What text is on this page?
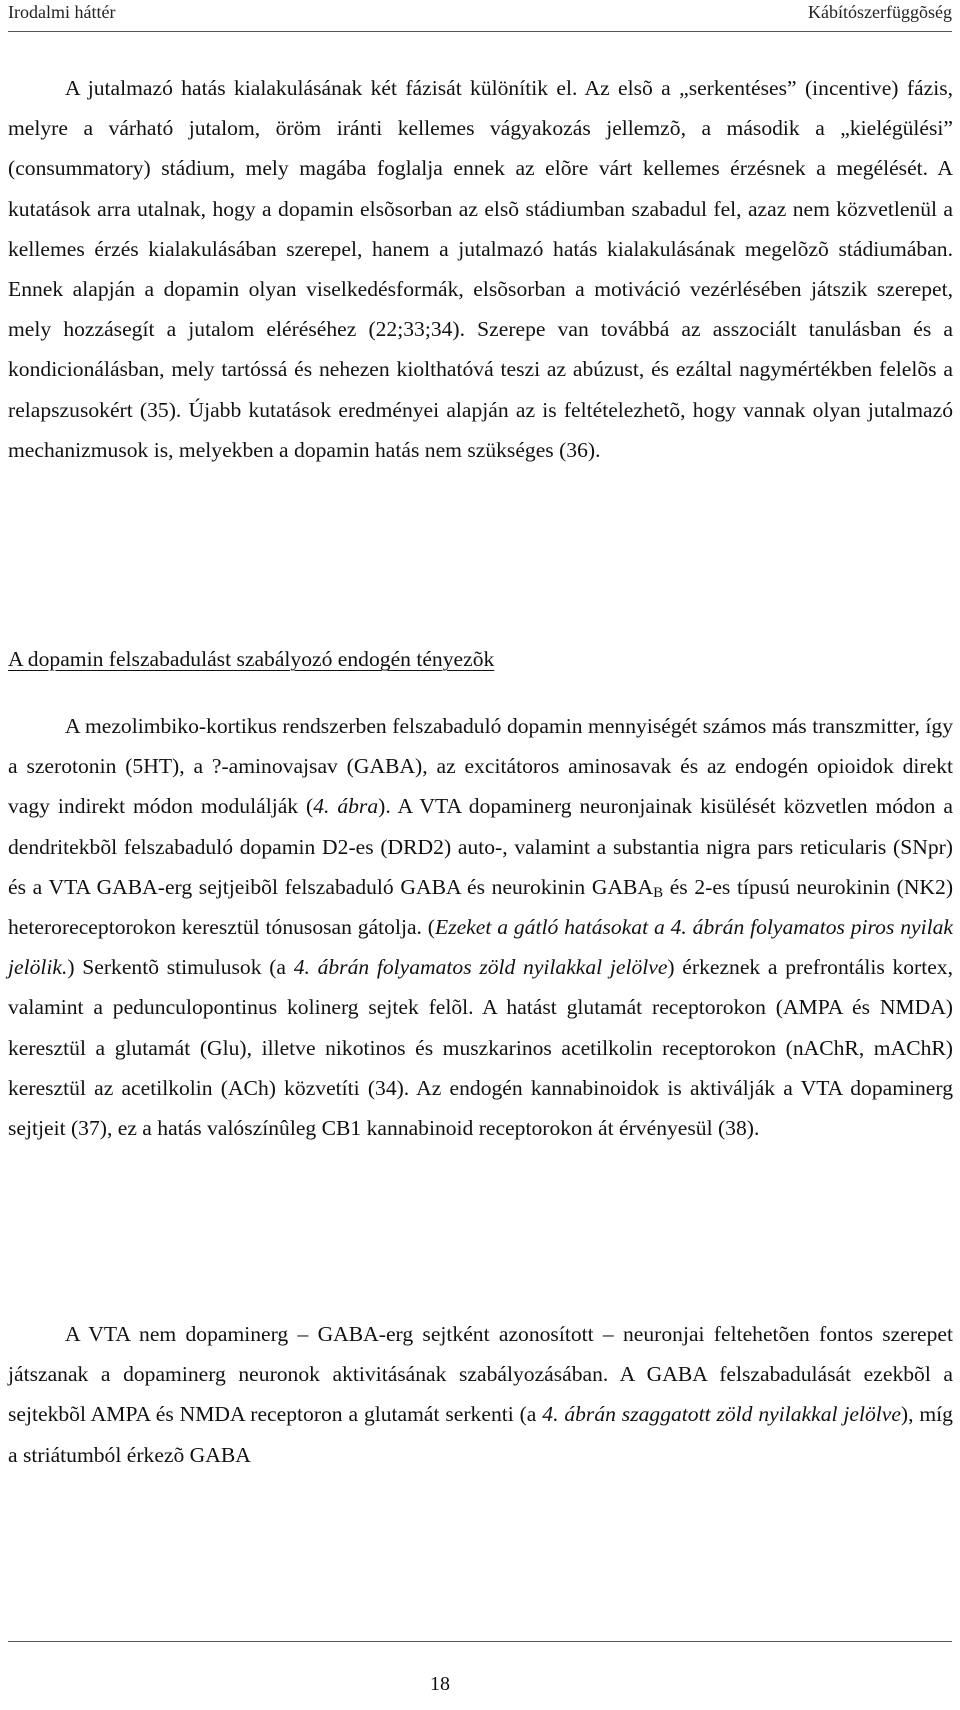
Irodalmi háttér	Kábítószerfüggõség

A jutalmazó hatás kialakulásának két fázisát különítik el. Az elsõ a „serkentéses” (incentive) fázis, melyre a várható jutalom, öröm iránti kellemes vágyakozás jellemzõ, a második a „kielégülési” (consummatory) stádium, mely magába foglalja ennek az elõre várt kellemes érzésnek a megélését. A kutatások arra utalnak, hogy a dopamin elsõsorban az elsõ stádiumban szabadul fel, azaz nem közvetlenül a kellemes érzés kialakulásában szerepel, hanem a jutalmazó hatás kialakulásának megelõzõ stádiumában. Ennek alapján a dopamin olyan viselkedésformák, elsõsorban a motiváció vezérlésében játszik szerepet, mely hozzásegít a jutalom eléréséhez (22;33;34). Szerepe van továbbá az asszociált tanulásban és a kondicionálásban, mely tartóssá és nehezen kiolthatóvá teszi az abúzust, és ezáltal nagymértékben felelõs a relapszusokért (35). Újabb kutatások eredményei alapján az is feltételezhetõ, hogy vannak olyan jutalmazó mechanizmusok is, melyekben a dopamin hatás nem szükséges (36).

A dopamin felszabadulást szabályozó endogén tényezõk

A mezolimbiko-kortikus rendszerben felszabaduló dopamin mennyiségét számos más transzmitter, így a szerotonin (5HT), a ?-aminovajsav (GABA), az excitátoros aminosavak és az endogén opioidok direkt vagy indirekt módon modulálják (4. ábra). A VTA dopaminerg neuronjainak kisülését közvetlen módon a dendritekbõl felszabaduló dopamin D2-es (DRD2) auto-, valamint a substantia nigra pars reticularis (SNpr) és a VTA GABA-erg sejtjeibõl felszabaduló GABA és neurokinin $GABA_B$ és 2-es típusú neurokinin (NK2) heteroreceptorokon keresztül tónusosan gátolja. (Ezeket a gátló hatásokat a 4. ábrán folyamatos piros nyilak jelölik.) Serkentõ stimulusok (a 4. ábrán folyamatos zöld nyilakkal jelölve) érkeznek a prefrontális kortex, valamint a pedunculopontinus kolinerg sejtek felõl. A hatást glutamát receptorokon (AMPA és NMDA) keresztül a glutamát (Glu), illetve nikotinos és muszkarinos acetilkolin receptorokon (nAChR, mAChR) keresztül az acetilkolin (ACh) közvetíti (34). Az endogén kannabinoidok is aktiválják a VTA dopaminerg sejtjeit (37), ez a hatás valószínûleg CB1 kannabinoid receptorokon át érvényesül (38).

A VTA nem dopaminerg – GABA-erg sejtként azonosított – neuronjai feltehetõen fontos szerepet játszanak a dopaminerg neuronok aktivitásának szabályozásában. A GABA felszabadulását ezekbõl a sejtekbõl AMPA és NMDA receptoron a glutamát serkenti (a 4. ábrán szaggatott zöld nyilakkal jelölve), míg a striátumból érkezõ GABA

18
